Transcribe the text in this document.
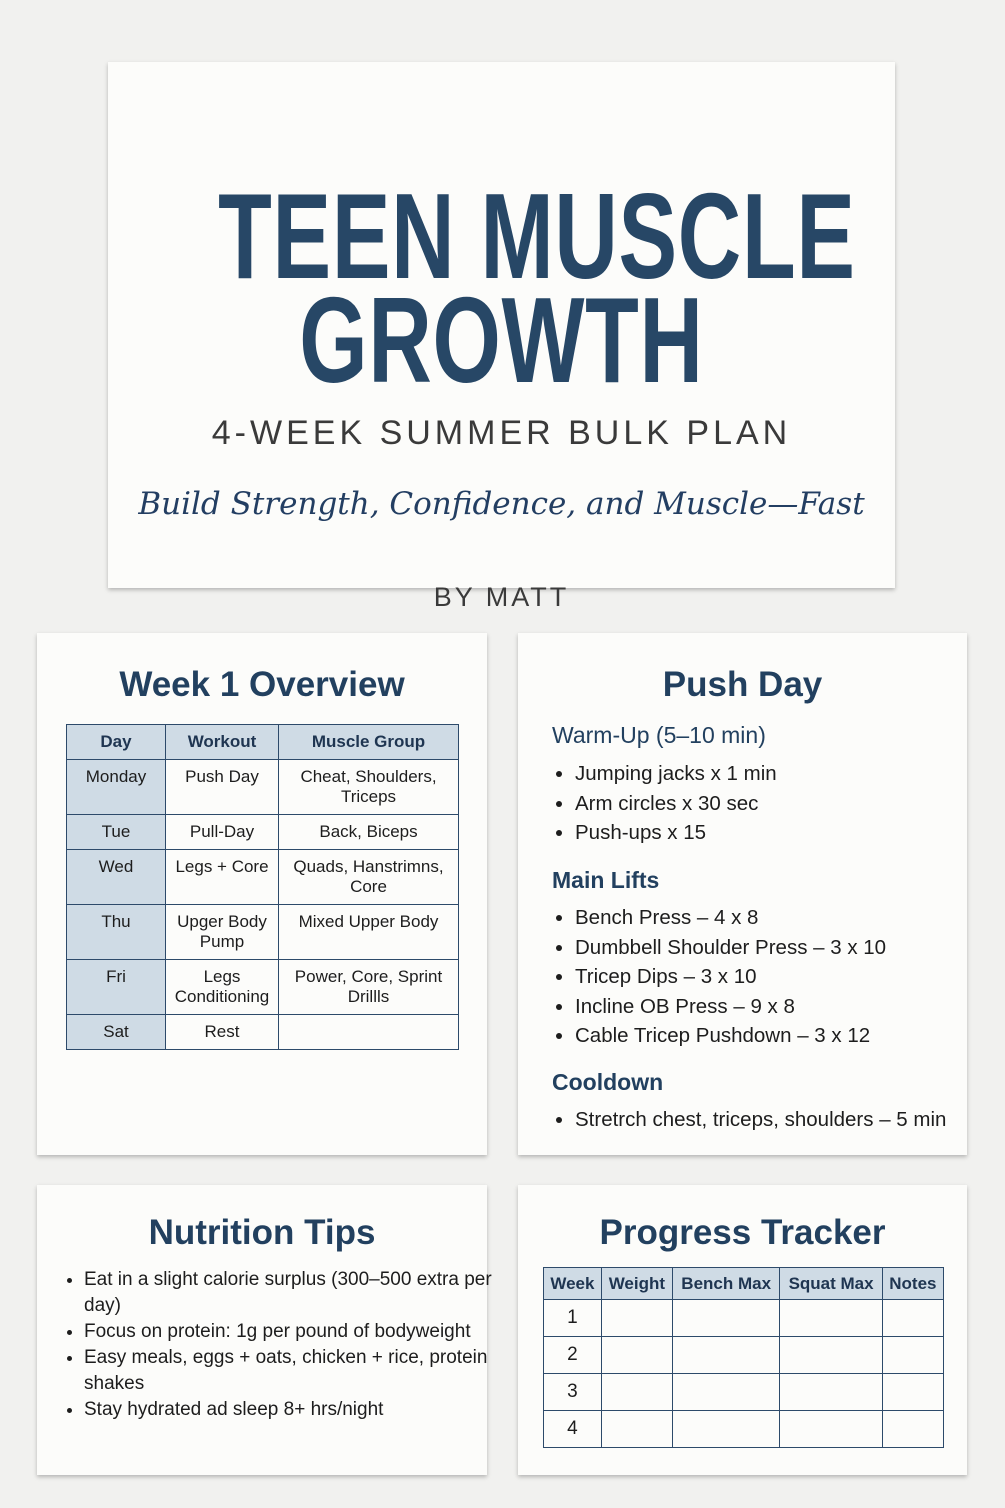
TEEN MUSCLE
GROWTH
4-WEEK SUMMER BULK PLAN
Build Strength, Confidence, and Muscle—Fast
BY MATT
Week 1 Overview
Day	Workout	Muscle Group
Monday	Push Day	Cheat, Shoulders, Triceps
Tue	Pull-Day	Back, Biceps
Wed	Legs + Core	Quads, Hanstrimns, Core
Thu	Upger Body Pump	Mixed Upper Body
Fri	Legs Conditioning	Power, Core, Sprint Drillls
Sat	Rest	
Push Day
Warm-Up (5–10 min)
• Jumping jacks x 1 min
• Arm circles x 30 sec
• Push-ups x 15
Main Lifts
• Bench Press – 4 x 8
• Dumbbell Shoulder Press – 3 x 10
• Tricep Dips – 3 x 10
• Incline OB Press – 9 x 8
• Cable Tricep Pushdown – 3 x 12
Cooldown
• Stretrch chest, triceps, shoulders – 5 min
Nutrition Tips
• Eat in a slight calorie surplus (300–500 extra per day)
• Focus on protein: 1g per pound of bodyweight
• Easy meals, eggs + oats, chicken + rice, protein shakes
• Stay hydrated ad sleep 8+ hrs/night
Progress Tracker
Week	Weight	Bench Max	Squat Max	Notes
1				
2				
3				
4				
